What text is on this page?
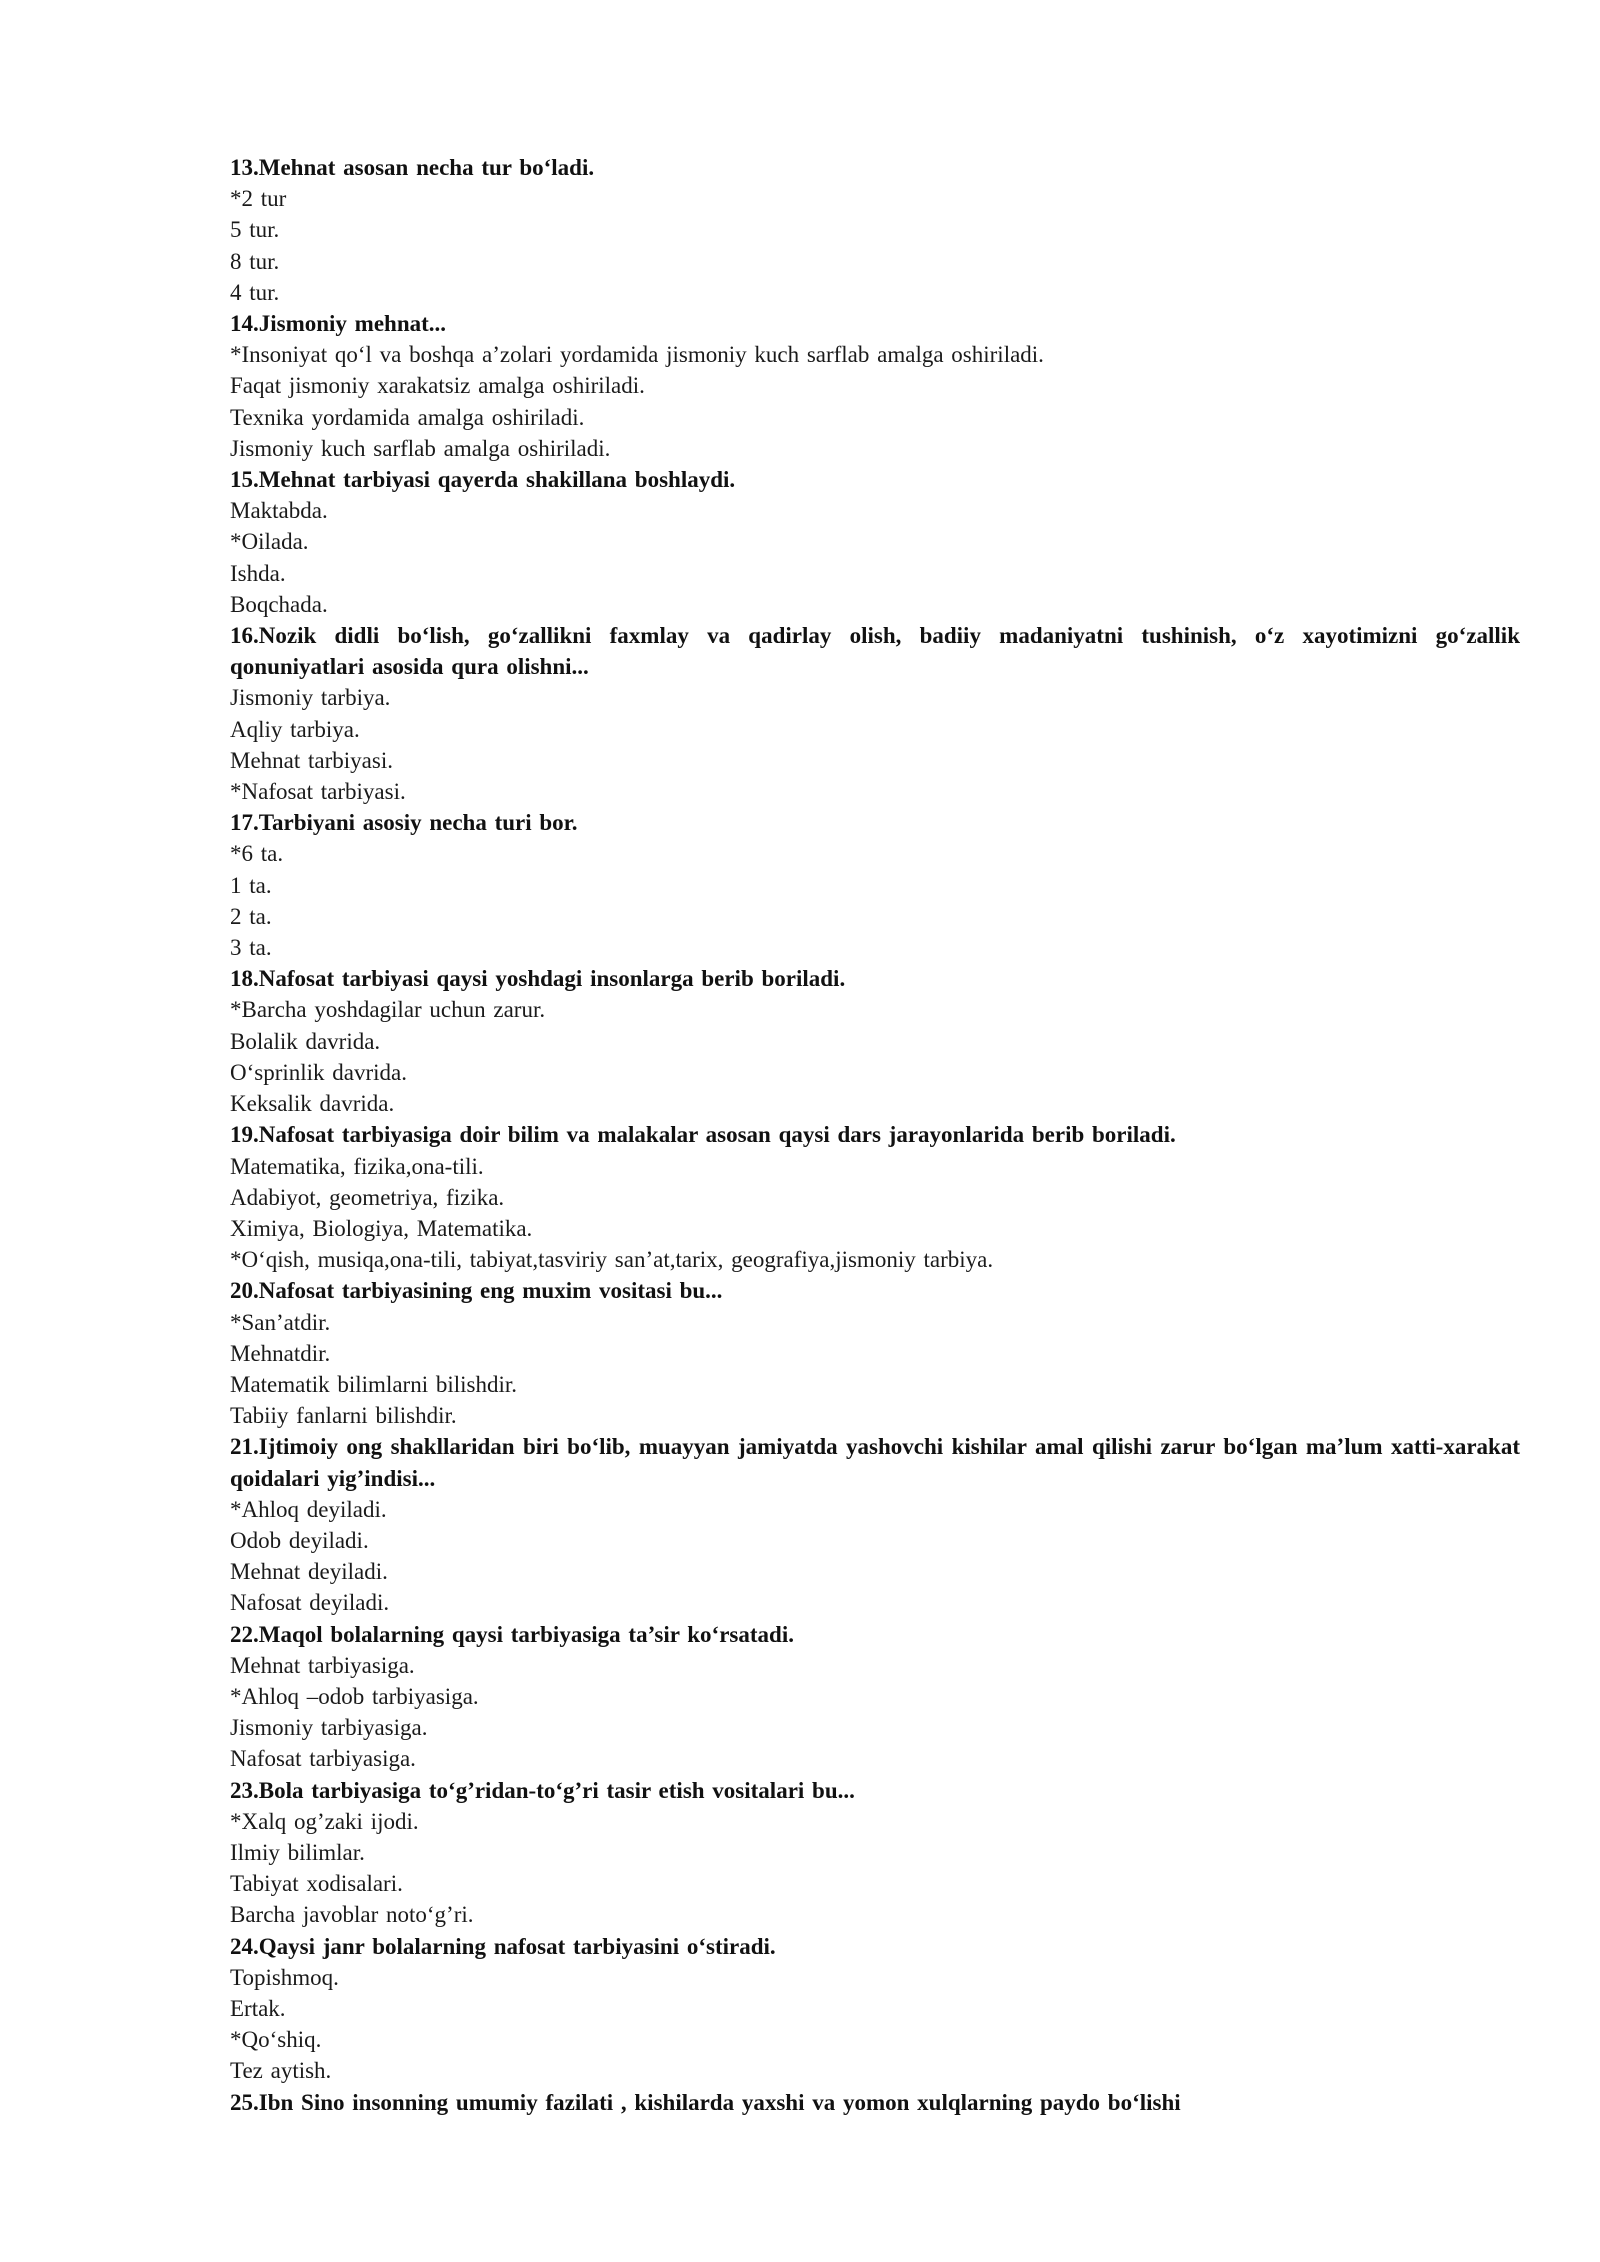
13.Mehnat asosan necha tur bo‘ladi.
*2 tur
5 tur.
8 tur.
4 tur.
14.Jismoniy mehnat...
*Insoniyat qo‘l va boshqa a’zolari yordamida jismoniy kuch sarflab amalga oshiriladi.
Faqat jismoniy xarakatsiz amalga oshiriladi.
Texnika yordamida amalga oshiriladi.
Jismoniy kuch sarflab amalga oshiriladi.
15.Mehnat tarbiyasi qayerda shakillana boshlaydi.
Maktabda.
*Oilada.
Ishda.
Boqchada.
16.Nozik didli bo‘lish, go‘zallikni faxmlay va qadirlay olish, badiiy madaniyatni tushinish, o‘z xayotimizni go‘zallik qonuniyatlari asosida qura olishni...
Jismoniy tarbiya.
Aqliy tarbiya.
Mehnat tarbiyasi.
*Nafosat tarbiyasi.
17.Tarbiyani asosiy necha turi bor.
*6 ta.
1 ta.
2 ta.
3 ta.
18.Nafosat tarbiyasi qaysi yoshdagi insonlarga berib boriladi.
*Barcha yoshdagilar uchun zarur.
Bolalik davrida.
O‘sprinlik davrida.
Keksalik davrida.
19.Nafosat tarbiyasiga doir bilim va malakalar asosan qaysi dars jarayonlarida berib boriladi.
Matematika, fizika,ona-tili.
Adabiyot, geometriya, fizika.
Ximiya, Biologiya, Matematika.
*O‘qish, musiqa,ona-tili, tabiyat,tasviriy san’at,tarix, geografiya,jismoniy tarbiya.
20.Nafosat tarbiyasining eng muxim vositasi bu...
*San’atdir.
Mehnatdir.
Matematik bilimlarni bilishdir.
Tabiiy fanlarni bilishdir.
21.Ijtimoiy ong shakllaridan biri bo‘lib, muayyan jamiyatda yashovchi kishilar amal qilishi zarur bo‘lgan ma’lum xatti-xarakat qoidalari yig’indisi...
*Ahloq deyiladi.
Odob deyiladi.
Mehnat deyiladi.
Nafosat deyiladi.
22.Maqol bolalarning qaysi tarbiyasiga ta’sir ko‘rsatadi.
Mehnat tarbiyasiga.
*Ahloq –odob tarbiyasiga.
Jismoniy tarbiyasiga.
Nafosat tarbiyasiga.
23.Bola tarbiyasiga to‘g’ridan-to‘g’ri tasir etish vositalari bu...
*Xalq og’zaki ijodi.
Ilmiy bilimlar.
Tabiyat xodisalari.
Barcha javoblar noto‘g’ri.
24.Qaysi janr bolalarning nafosat tarbiyasini o‘stiradi.
Topishmoq.
Ertak.
*Qo‘shiq.
Tez aytish.
25.Ibn Sino insonning umumiy fazilati , kishilarda yaxshi va yomon xulqlarning paydo bo‘lishi
